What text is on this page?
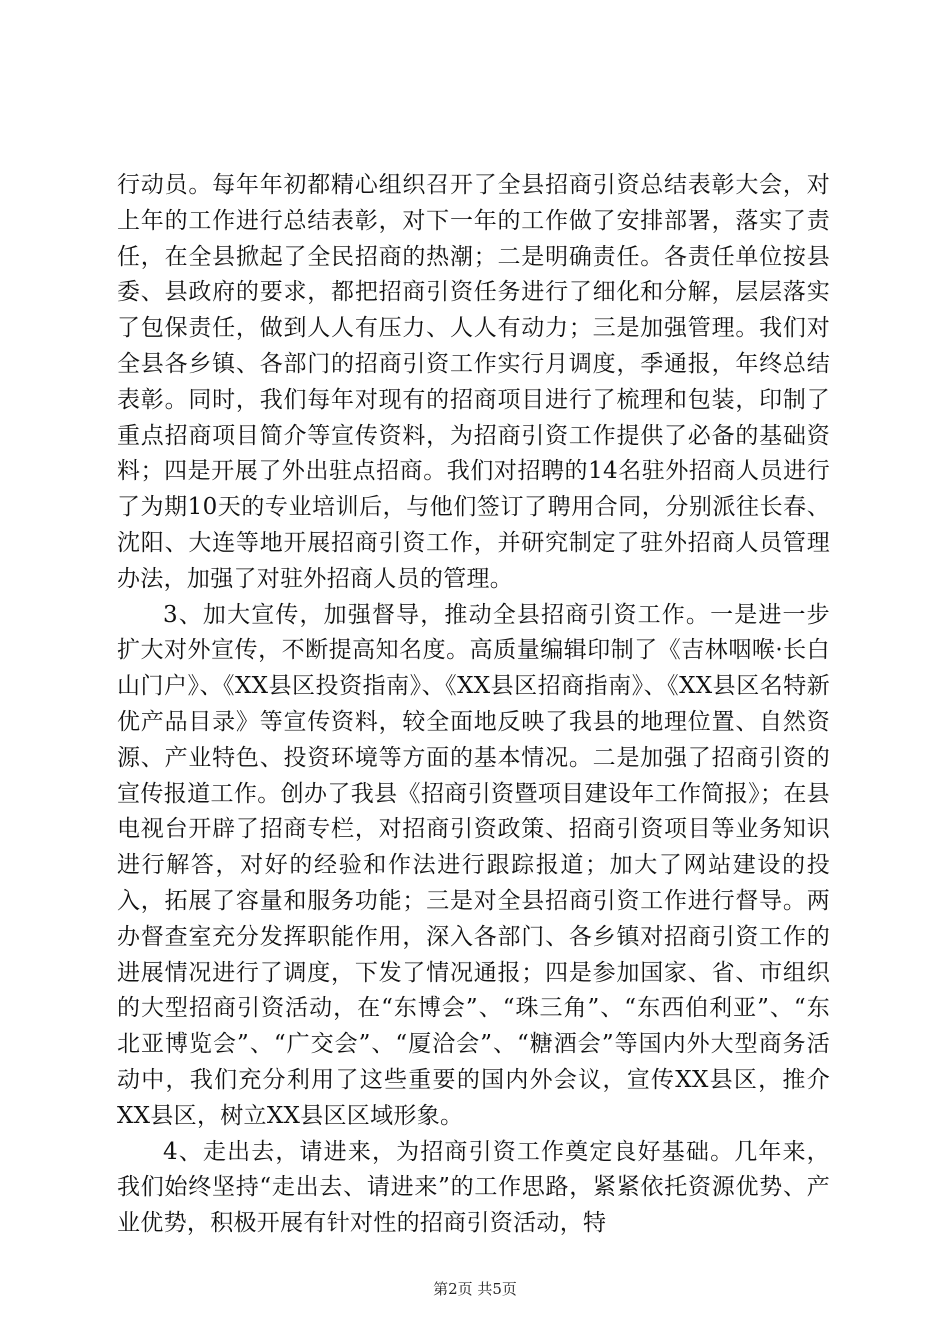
行动员。每年年初都精心组织召开了全县招商引资总结表彰大会，对上年的工作进行总结表彰，对下一年的工作做了安排部署，落实了责任，在全县掀起了全民招商的热潮；二是明确责任。各责任单位按县委、县政府的要求，都把招商引资任务进行了细化和分解，层层落实了包保责任，做到人人有压力、人人有动力；三是加强管理。我们对全县各乡镇、各部门的招商引资工作实行月调度，季通报，年终总结表彰。同时，我们每年对现有的招商项目进行了梳理和包装，印制了重点招商项目简介等宣传资料，为招商引资工作提供了必备的基础资料；四是开展了外出驻点招商。我们对招聘的14名驻外招商人员进行了为期10天的专业培训后，与他们签订了聘用合同，分别派往长春、沈阳、大连等地开展招商引资工作，并研究制定了驻外招商人员管理办法，加强了对驻外招商人员的管理。

3、加大宣传，加强督导，推动全县招商引资工作。一是进一步扩大对外宣传，不断提高知名度。高质量编辑印制了《吉林咽喉·长白山门户》、《XX县区投资指南》、《XX县区招商指南》、《XX县区名特新优产品目录》等宣传资料，较全面地反映了我县的地理位置、自然资源、产业特色、投资环境等方面的基本情况。二是加强了招商引资的宣传报道工作。创办了我县《招商引资暨项目建设年工作简报》；在县电视台开辟了招商专栏，对招商引资政策、招商引资项目等业务知识进行解答，对好的经验和作法进行跟踪报道；加大了网站建设的投入，拓展了容量和服务功能；三是对全县招商引资工作进行督导。两办督查室充分发挥职能作用，深入各部门、各乡镇对招商引资工作的进展情况进行了调度，下发了情况通报；四是参加国家、省、市组织的大型招商引资活动，在“东博会”、“珠三角”、“东西伯利亚”、“东北亚博览会”、“广交会”、“厦洽会”、“糖酒会”等国内外大型商务活动中，我们充分利用了这些重要的国内外会议，宣传XX县区，推介XX县区，树立XX县区区域形象。

4、走出去，请进来，为招商引资工作奠定良好基础。几年来，我们始终坚持“走出去、请进来”的工作思路，紧紧依托资源优势、产业优势，积极开展有针对性的招商引资活动，特

第2页 共5页
